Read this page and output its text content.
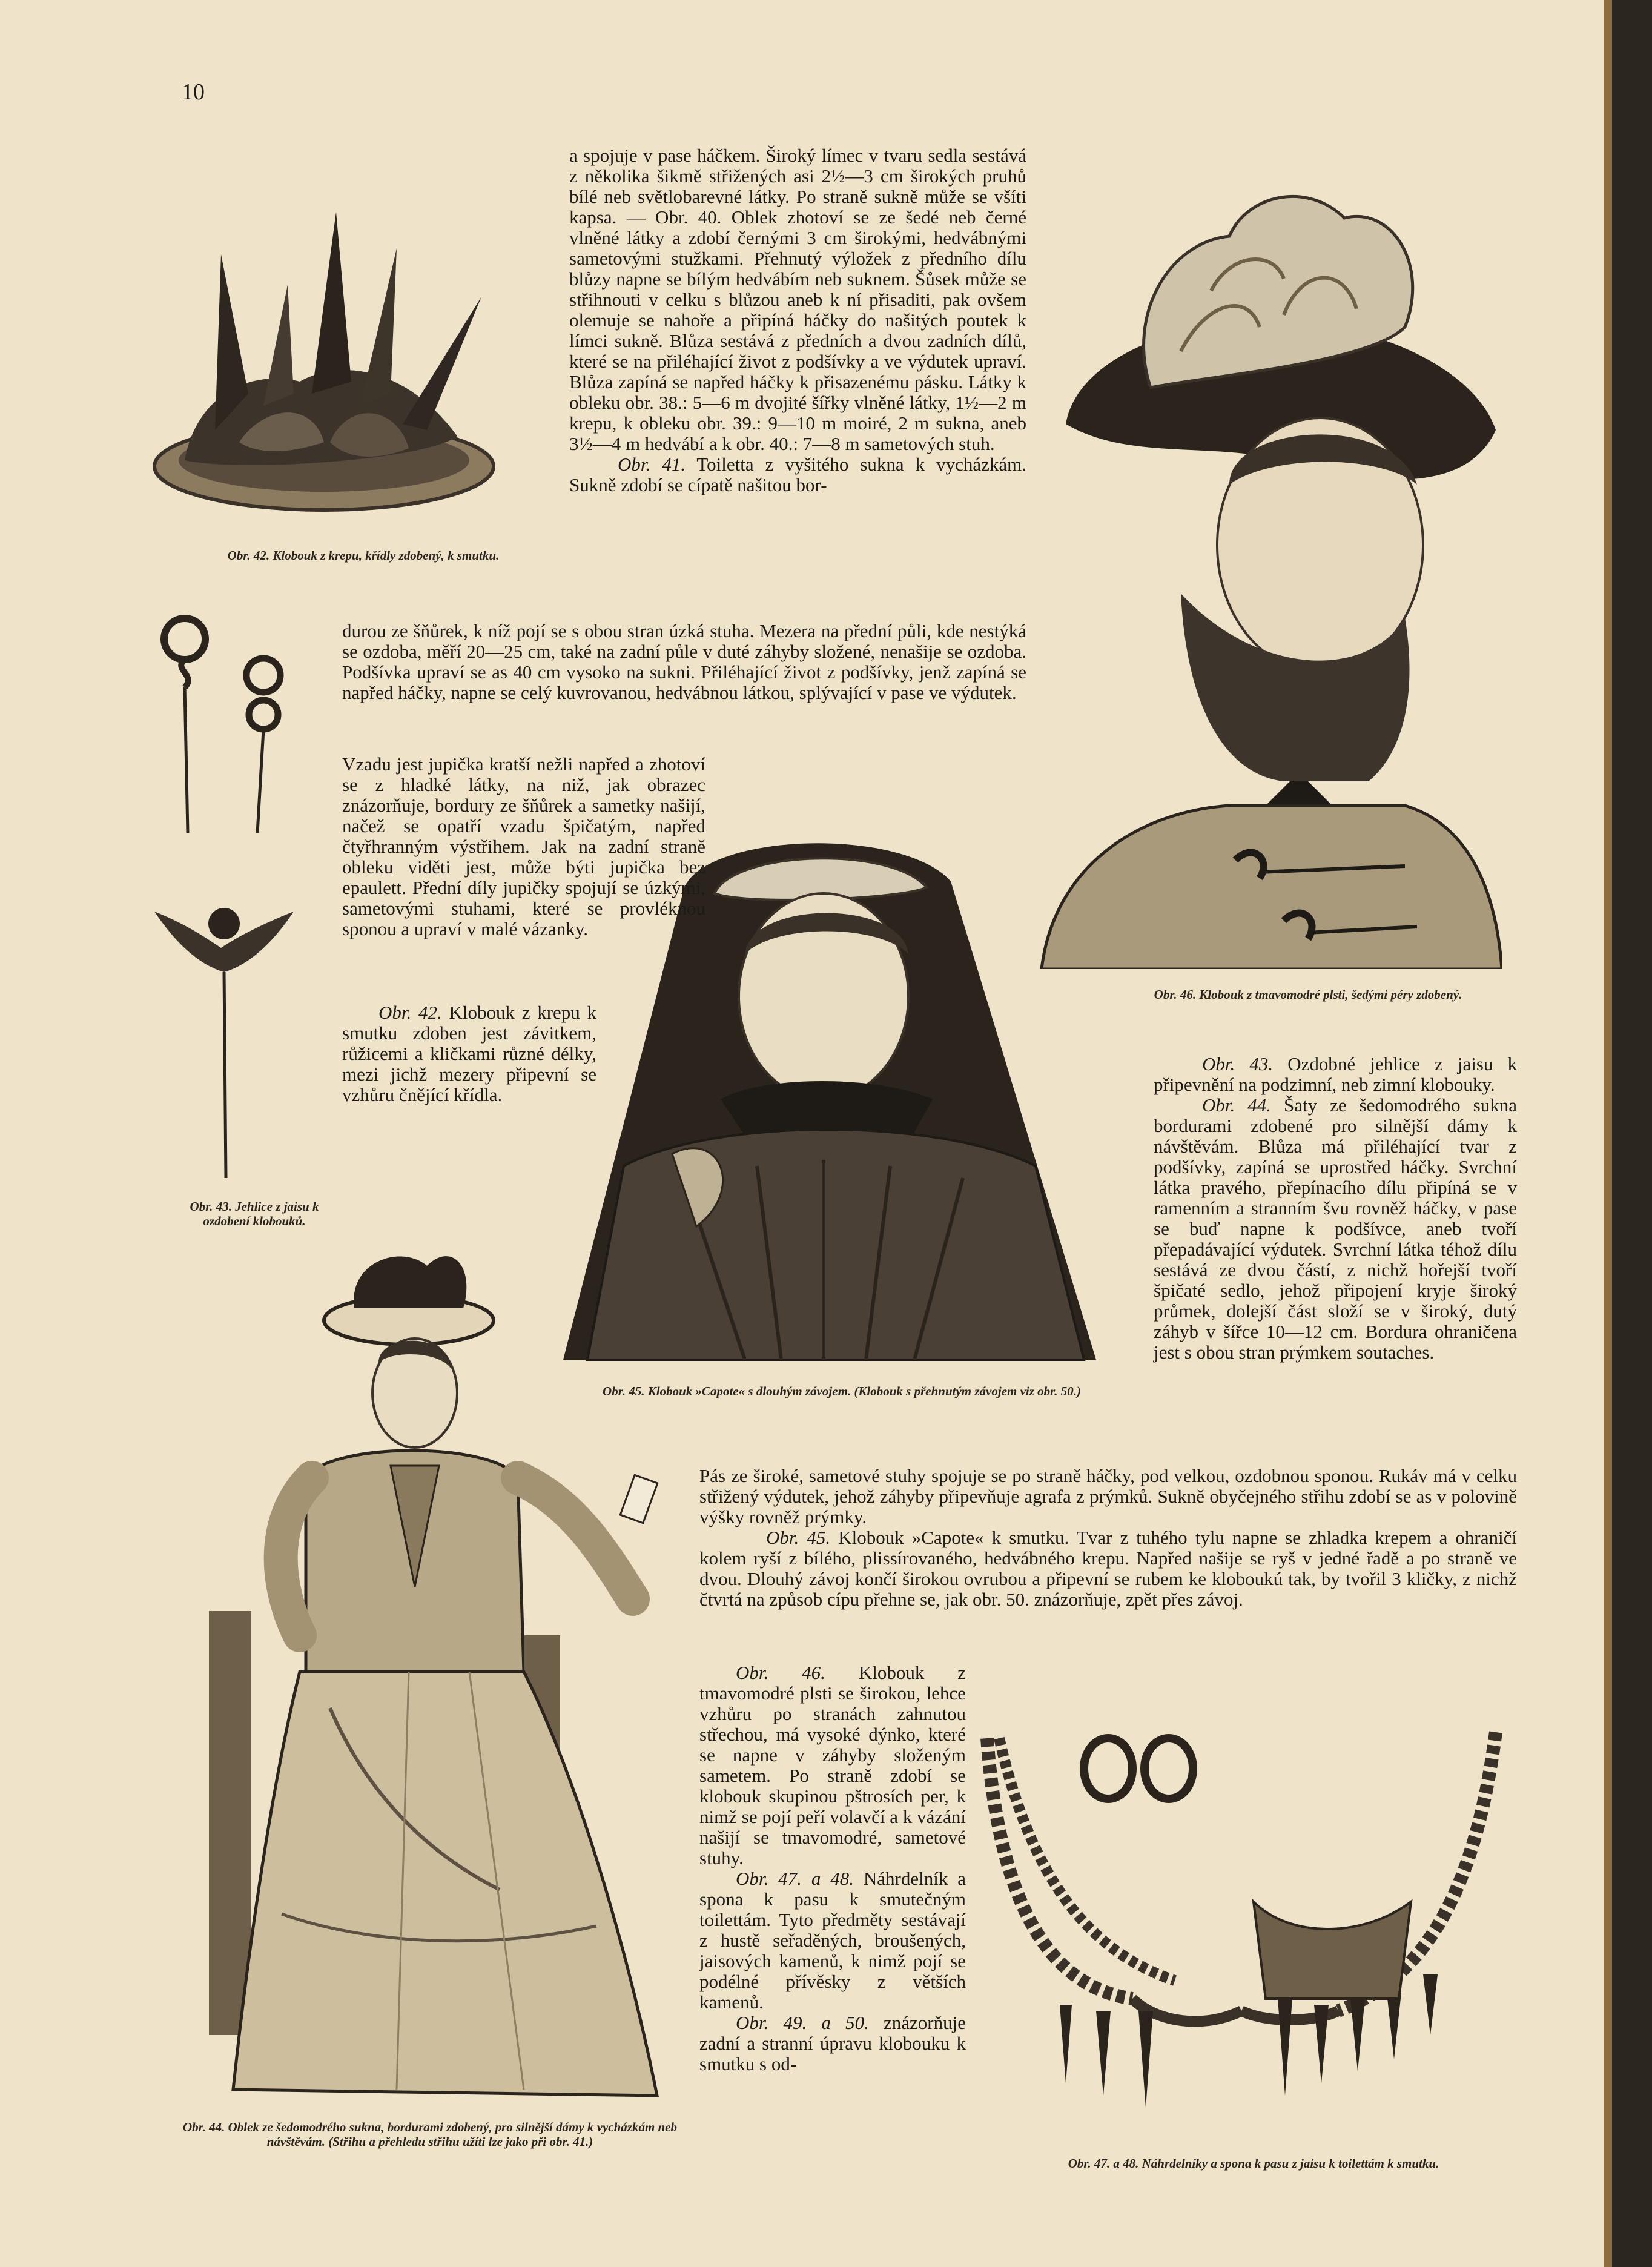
10
Obr. 42. Klobouk z krepu, křídly zdobený, k smutku.
Obr. 43. Jehlice z jaisu k ozdobení klobouků.
Obr. 44. Oblek ze šedomodrého sukna, bordurami zdobený, pro silnější dámy k vycházkám neb návštěvám. (Střihu a přehledu střihu užíti lze jako při obr. 41.)
Obr. 45. Klobouk »Capote« s dlouhým závojem. (Klobouk s přehnutým závojem viz obr. 50.)
Obr. 46. Klobouk z tmavomodré plsti, šedými péry zdobený.
Obr. 47. a 48. Náhrdelníky a spona k pasu z jaisu k toilettám k smutku.

a spojuje v pase háčkem. Široký límec v tvaru sedla sestává z několika šikmě střižených asi 2½—3 cm širokých pruhů bílé neb světlobarevné látky. Po straně sukně může se všíti kapsa. — Obr. 40. Oblek zhotoví se ze šedé neb černé vlněné látky a zdobí černými 3 cm širokými, hedvábnými sametovými stužkami. Přehnutý výložek z předního dílu blůzy napne se bílým hedvábím neb suknem. Šůsek může se střihnouti v celku s blůzou aneb k ní přisaditi, pak ovšem olemuje se nahoře a připíná háčky do našitých poutek k límci sukně. Blůza sestává z předních a dvou zadních dílů, které se na přiléhající život z podšívky a ve výdutek upraví. Blůza zapíná se napřed háčky k přisazenému pásku. Látky k obleku obr. 38.: 5—6 m dvojité šířky vlněné látky, 1½—2 m krepu, k obleku obr. 39.: 9—10 m moiré, 2 m sukna, aneb 3½—4 m hedvábí a k obr. 40.: 7—8 m sametových stuh.

Obr. 41. Toiletta z vyšitého sukna k vycházkám. Sukně zdobí se cípatě našitou bor-

durou ze šňůrek, k níž pojí se s obou stran úzká stuha. Mezera na přední půli, kde nestýká se ozdoba, měří 20—25 cm, také na zadní půle v duté záhyby složené, nenašije se ozdoba. Podšívka upraví se as 40 cm vysoko na sukni. Přiléhající život z podšívky, jenž zapíná se napřed háčky, napne se celý kuvrovanou, hedvábnou látkou, splývající v pase ve výdutek.

Vzadu jest jupička kratší nežli napřed a zhotoví se z hladké látky, na niž, jak obrazec znázorňuje, bordury ze šňůrek a sametky našijí, načež se opatří vzadu špičatým, napřed čtyřhranným výstřihem. Jak na zadní straně obleku viděti jest, může býti jupička bez epaulett. Přední díly jupičky spojují se úzkými, sametovými stuhami, které se provléknou sponou a upraví v malé vázanky.

Obr. 42. Klobouk z krepu k smutku zdoben jest závitkem, růžicemi a kličkami různé délky, mezi jichž mezery připevní se vzhůru čnějící křídla.

Obr. 43. Ozdobné jehlice z jaisu k připevnění na podzimní, neb zimní klobouky.

Obr. 44. Šaty ze šedomodrého sukna bordurami zdobené pro silnější dámy k návštěvám. Blůza má přiléhající tvar z podšívky, zapíná se uprostřed háčky. Svrchní látka pravého, přepínacího dílu připíná se v ramenním a stranním švu rovněž háčky, v pase se buď napne k podšívce, aneb tvoří přepadávající výdutek. Svrchní látka téhož dílu sestává ze dvou částí, z nichž hořejší tvoří špičaté sedlo, jehož připojení kryje široký průmek, dolejší část složí se v široký, dutý záhyb v šířce 10—12 cm. Bordura ohraničena jest s obou stran prýmkem soutaches.

Pás ze široké, sametové stuhy spojuje se po straně háčky, pod velkou, ozdobnou sponou. Rukáv má v celku střižený výdutek, jehož záhyby připevňuje agrafa z prýmků. Sukně obyčejného střihu zdobí se as v polovině výšky rovněž prýmky.

Obr. 45. Klobouk »Capote« k smutku. Tvar z tuhého tylu napne se zhladka krepem a ohraničí kolem ryší z bílého, plissírovaného, hedvábného krepu. Napřed našije se ryš v jedné řadě a po straně ve dvou. Dlouhý závoj končí širokou ovrubou a připevní se rubem ke kloboukú tak, by tvořil 3 kličky, z nichž čtvrtá na způsob cípu přehne se, jak obr. 50. znázorňuje, zpět přes závoj.

Obr. 46. Klobouk z tmavomodré plsti se širokou, lehce vzhůru po stranách zahnutou střechou, má vysoké dýnko, které se napne v záhyby složeným sametem. Po straně zdobí se klobouk skupinou pštrosích per, k nimž se pojí peří volavčí a k vázání našijí se tmavomodré, sametové stuhy.

Obr. 47. a 48. Náhrdelník a spona k pasu k smutečným toilettám. Tyto předměty sestávají z hustě seřaděných, broušených, jaisových kamenů, k nimž pojí se podélné přívěsky z větších kamenů.

Obr. 49. a 50. znázorňuje zadní a stranní úpravu klobouku k smutku s od-
